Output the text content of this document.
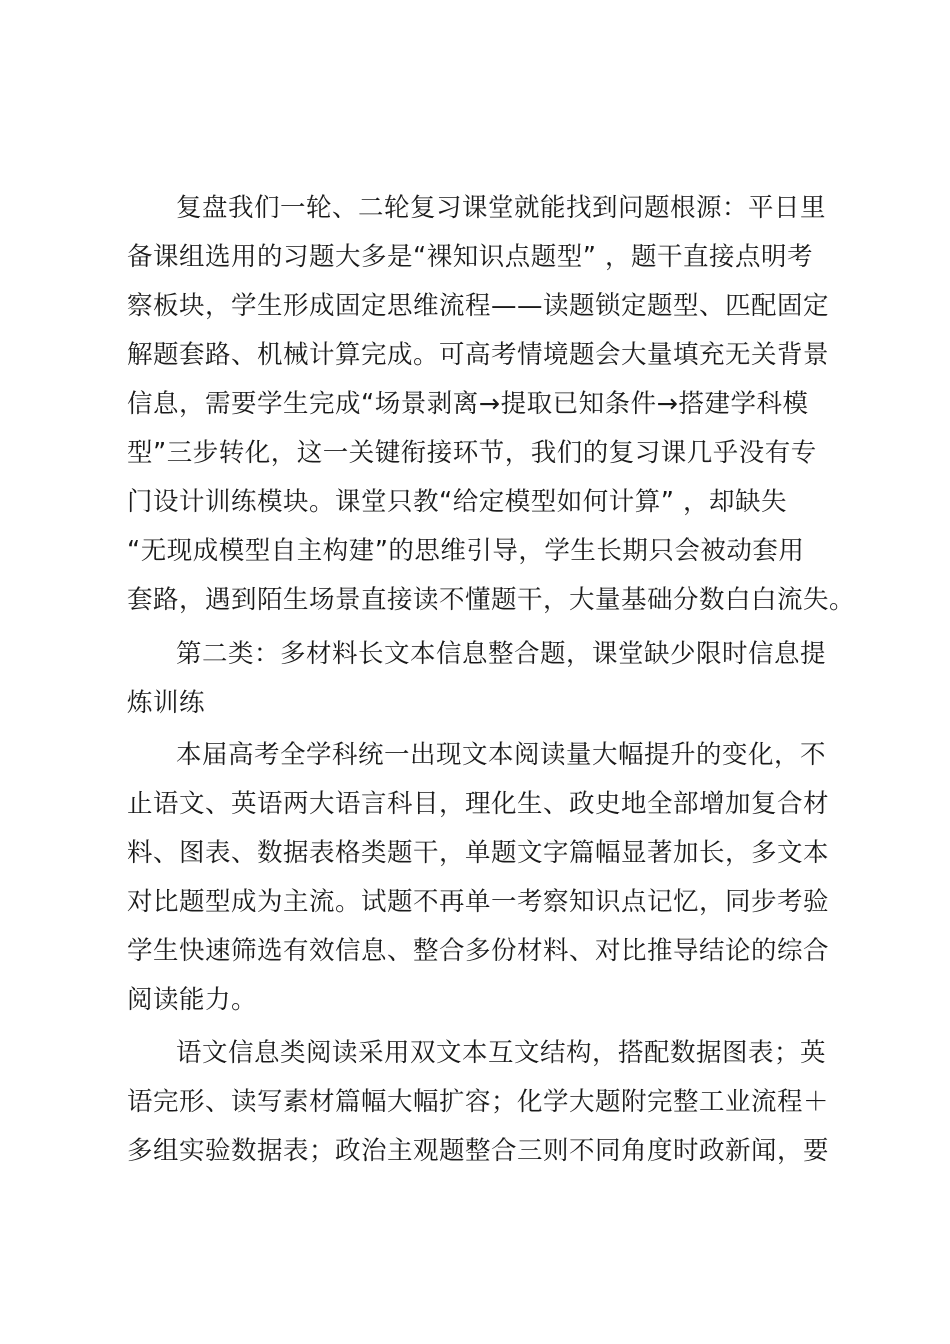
复盘我们一轮、二轮复习课堂就能找到问题根源：平日里
备课组选用的习题大多是“裸知识点题型” ，题干直接点明考
察板块，学生形成固定思维流程——读题锁定题型、匹配固定
解题套路、机械计算完成。可高考情境题会大量填充无关背景
信息，需要学生完成“场景剥离→提取已知条件→搭建学科模
型”三步转化，这一关键衔接环节，我们的复习课几乎没有专
门设计训练模块。课堂只教“给定模型如何计算” ，却缺失
“无现成模型自主构建”的思维引导，学生长期只会被动套用
套路，遇到陌生场景直接读不懂题干，大量基础分数白白流失。
第二类：多材料长文本信息整合题，课堂缺少限时信息提
炼训练
本届高考全学科统一出现文本阅读量大幅提升的变化，不
止语文、英语两大语言科目，理化生、政史地全部增加复合材
料、图表、数据表格类题干，单题文字篇幅显著加长，多文本
对比题型成为主流。试题不再单一考察知识点记忆，同步考验
学生快速筛选有效信息、整合多份材料、对比推导结论的综合
阅读能力。
语文信息类阅读采用双文本互文结构，搭配数据图表；英
语完形、读写素材篇幅大幅扩容；化学大题附完整工业流程＋
多组实验数据表；政治主观题整合三则不同角度时政新闻，要
